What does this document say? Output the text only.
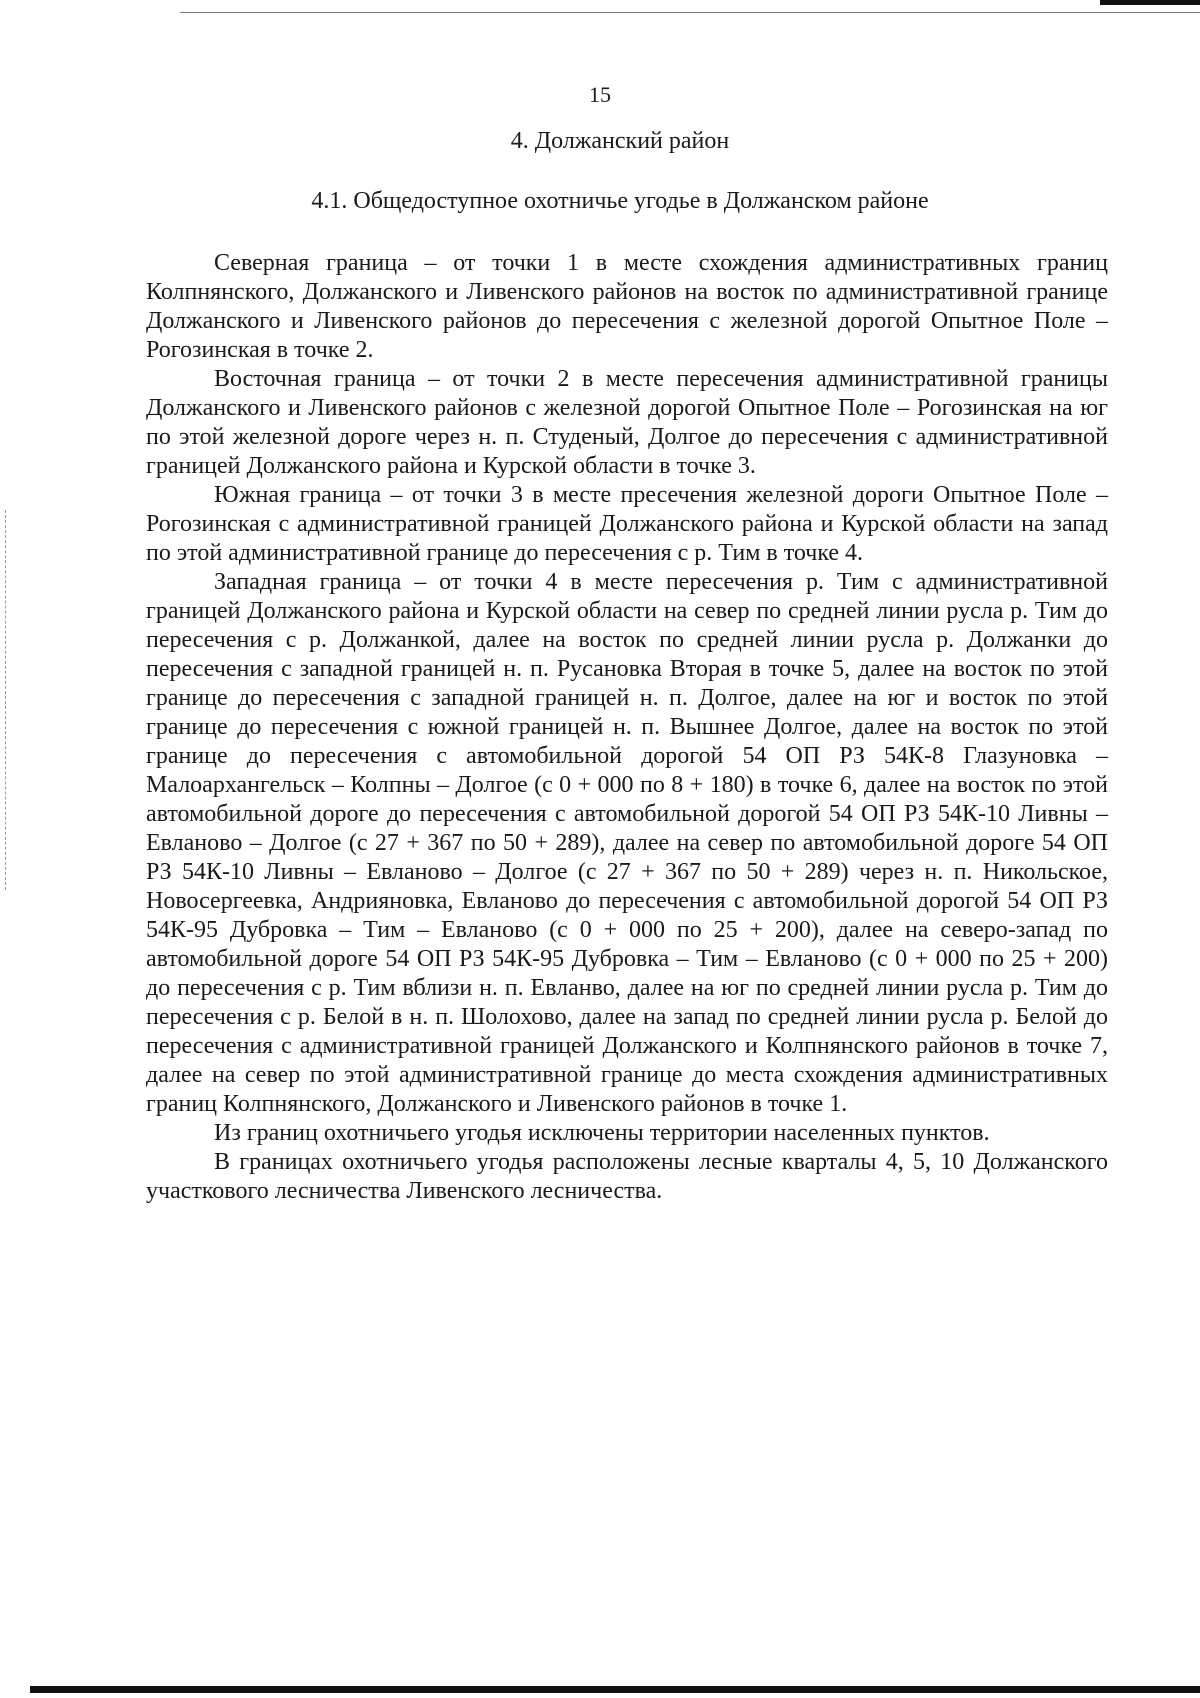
15
4. Должанский район
4.1. Общедоступное охотничье угодье в Должанском районе

Северная граница – от точки 1 в месте схождения административных границ Колпнянского, Должанского и Ливенского районов на восток по административной границе Должанского и Ливенского районов до пересечения с железной дорогой Опытное Поле – Рогозинская в точке 2.

Восточная граница – от точки 2 в месте пересечения административной границы Должанского и Ливенского районов с железной дорогой Опытное Поле – Рогозинская на юг по этой железной дороге через н. п. Студеный, Долгое до пересечения с административной границей Должанского района и Курской области в точке 3.

Южная граница – от точки 3 в месте пресечения железной дороги Опытное Поле – Рогозинская с административной границей Должанского района и Курской области на запад по этой административной границе до пересечения с р. Тим в точке 4.

Западная граница – от точки 4 в месте пересечения р. Тим с административной границей Должанского района и Курской области на север по средней линии русла р. Тим до пересечения с р. Должанкой, далее на восток по средней линии русла р. Должанки до пересечения с западной границей н. п. Русановка Вторая в точке 5, далее на восток по этой границе до пересечения с западной границей н. п. Долгое, далее на юг и восток по этой границе до пересечения с южной границей н. п. Вышнее Долгое, далее на восток по этой границе до пересечения с автомобильной дорогой 54 ОП РЗ 54К-8 Глазуновка – Малоархангельск – Колпны – Долгое (с 0 + 000 по 8 + 180) в точке 6, далее на восток по этой автомобильной дороге до пересечения с автомобильной дорогой 54 ОП РЗ 54К-10 Ливны – Евланово – Долгое (с 27 + 367 по 50 + 289), далее на север по автомобильной дороге 54 ОП РЗ 54К-10 Ливны – Евланово – Долгое (с 27 + 367 по 50 + 289) через н. п. Никольское, Новосергеевка, Андрияновка, Евланово до пересечения с автомобильной дорогой 54 ОП РЗ 54К-95 Дубровка – Тим – Евланово (с 0 + 000 по 25 + 200), далее на северо-запад по автомобильной дороге 54 ОП РЗ 54К-95 Дубровка – Тим – Евланово (с 0 + 000 по 25 + 200) до пересечения с р. Тим вблизи н. п. Евланво, далее на юг по средней линии русла р. Тим до пересечения с р. Белой в н. п. Шолохово, далее на запад по средней линии русла р. Белой до пересечения с административной границей Должанского и Колпнянского районов в точке 7, далее на север по этой административной границе до места схождения административных границ Колпнянского, Должанского и Ливенского районов в точке 1.

Из границ охотничьего угодья исключены территории населенных пунктов.

В границах охотничьего угодья расположены лесные кварталы 4, 5, 10 Должанского участкового лесничества Ливенского лесничества.
